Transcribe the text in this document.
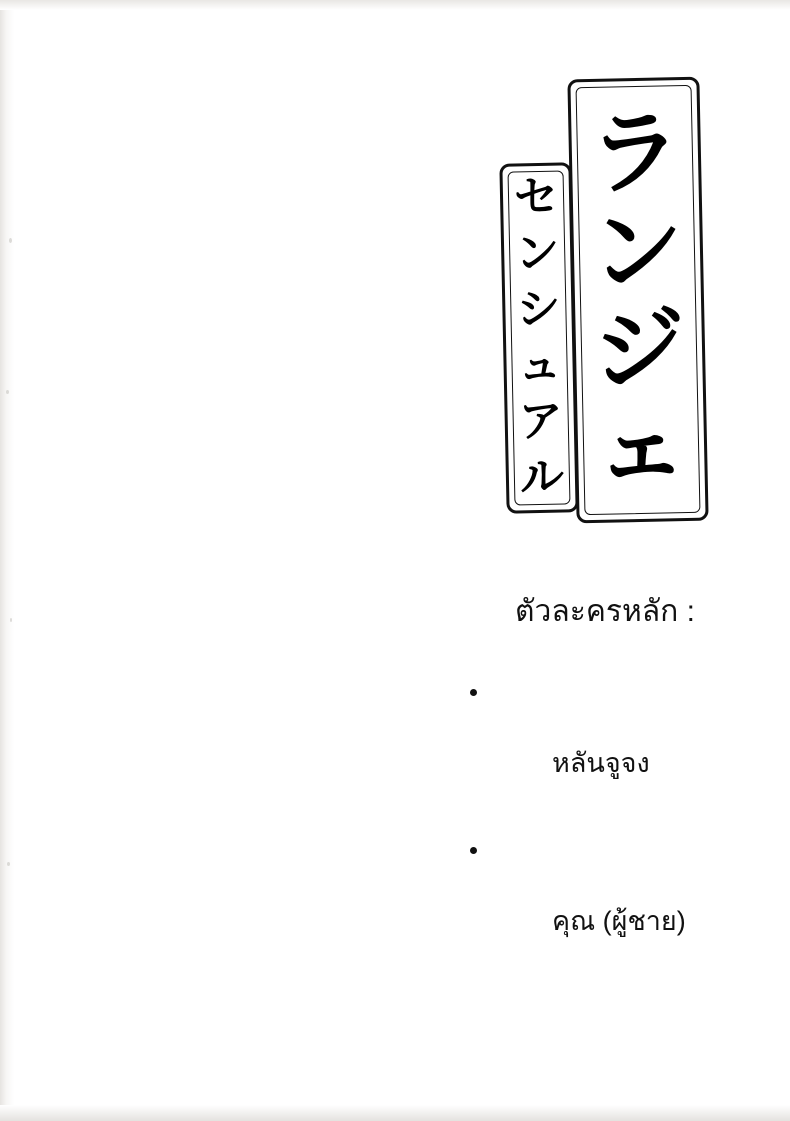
ラ
ン
ジ
ェ
セ
ン
シ
ュ
ア
ル
ตัวละครหลัก :

หลันจูจง

คุณ (ผู้ชาย)
